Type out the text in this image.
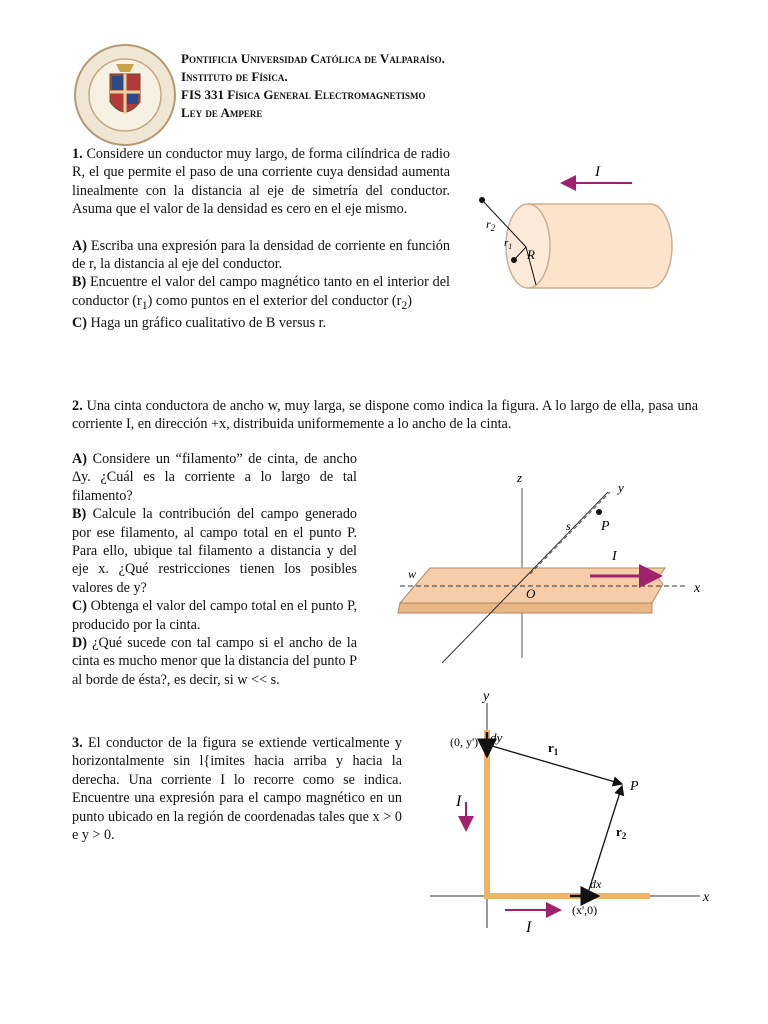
Pontificia Universidad Católica de Valparaíso.
Instituto de Física.
FIS 331 Física General Electromagnetismo
Ley de Ampere
1. Considere un conductor muy largo, de forma cilíndrica de radio R, el que permite el paso de una corriente cuya densidad aumenta linealmente con la distancia al eje de simetría del conductor. Asuma que el valor de la densidad es cero en el eje mismo.
A) Escriba una expresión para la densidad de corriente en función de r, la distancia al eje del conductor.
B) Encuentre el valor del campo magnético tanto en el interior del conductor $(r_1)$ como puntos en el exterior del conductor $(r_2)$
C) Haga un gráfico cualitativo de B versus r.
I
$r_2$
$r_1$
R
2. Una cinta conductora de ancho w, muy larga, se dispone como indica la figura. A lo largo de ella, pasa una corriente I, en dirección +x, distribuida uniformemente a lo ancho de la cinta.
A) Considere un “filamento” de cinta, de ancho Δy. ¿Cuál es la corriente a lo largo de tal filamento?
B) Calcule la contribución del campo generado por ese filamento, al campo total en el punto P. Para ello, ubique tal filamento a distancia y del eje x. ¿Qué restricciones tienen los posibles valores de y?
C) Obtenga el valor del campo total en el punto P, producido por la cinta.
D) ¿Qué sucede con tal campo si el ancho de la cinta es mucho menor que la distancia del punto P al borde de ésta?, es decir, si w << s.
z
y
x
P
s
I
w
O
3. El conductor de la figura se extiende verticalmente y horizontalmente sin l{imites hacia arriba y hacia la derecha. Una corriente I lo recorre como se indica. Encuentre una expresión para el campo magnético en un punto ubicado en la región de coordenadas tales que x > 0 e y > 0.
y
x
(0, y') dy
$r_1$
P
$r_2$
I
dx
(x',0)
I
